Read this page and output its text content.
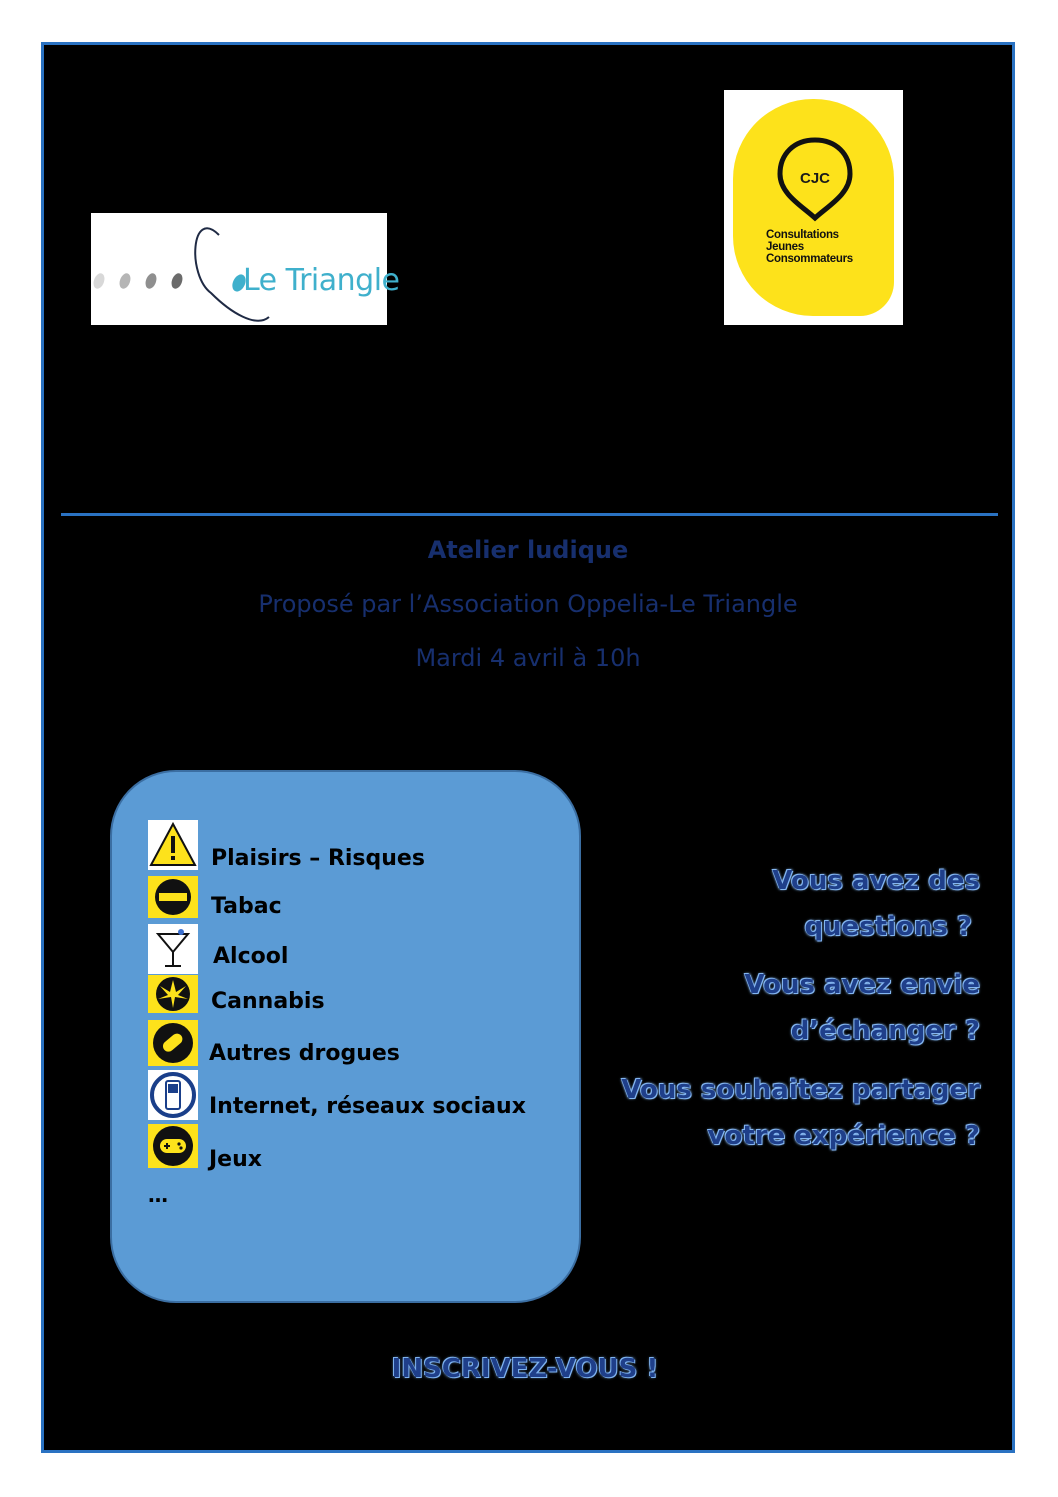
Le Triangle
CJC
Consultations
Jeunes
Consommateurs
Atelier ludique
Proposé par l’Association Oppelia-Le Triangle
Mardi 4 avril à 10h
Plaisirs – Risques
Tabac
Alcool
Cannabis
Autres drogues
Internet, réseaux sociaux
Jeux
…
Vous avez des
questions ?
Vous avez envie
d’échanger ?
Vous souhaitez partager
votre expérience ?
INSCRIVEZ-VOUS !
